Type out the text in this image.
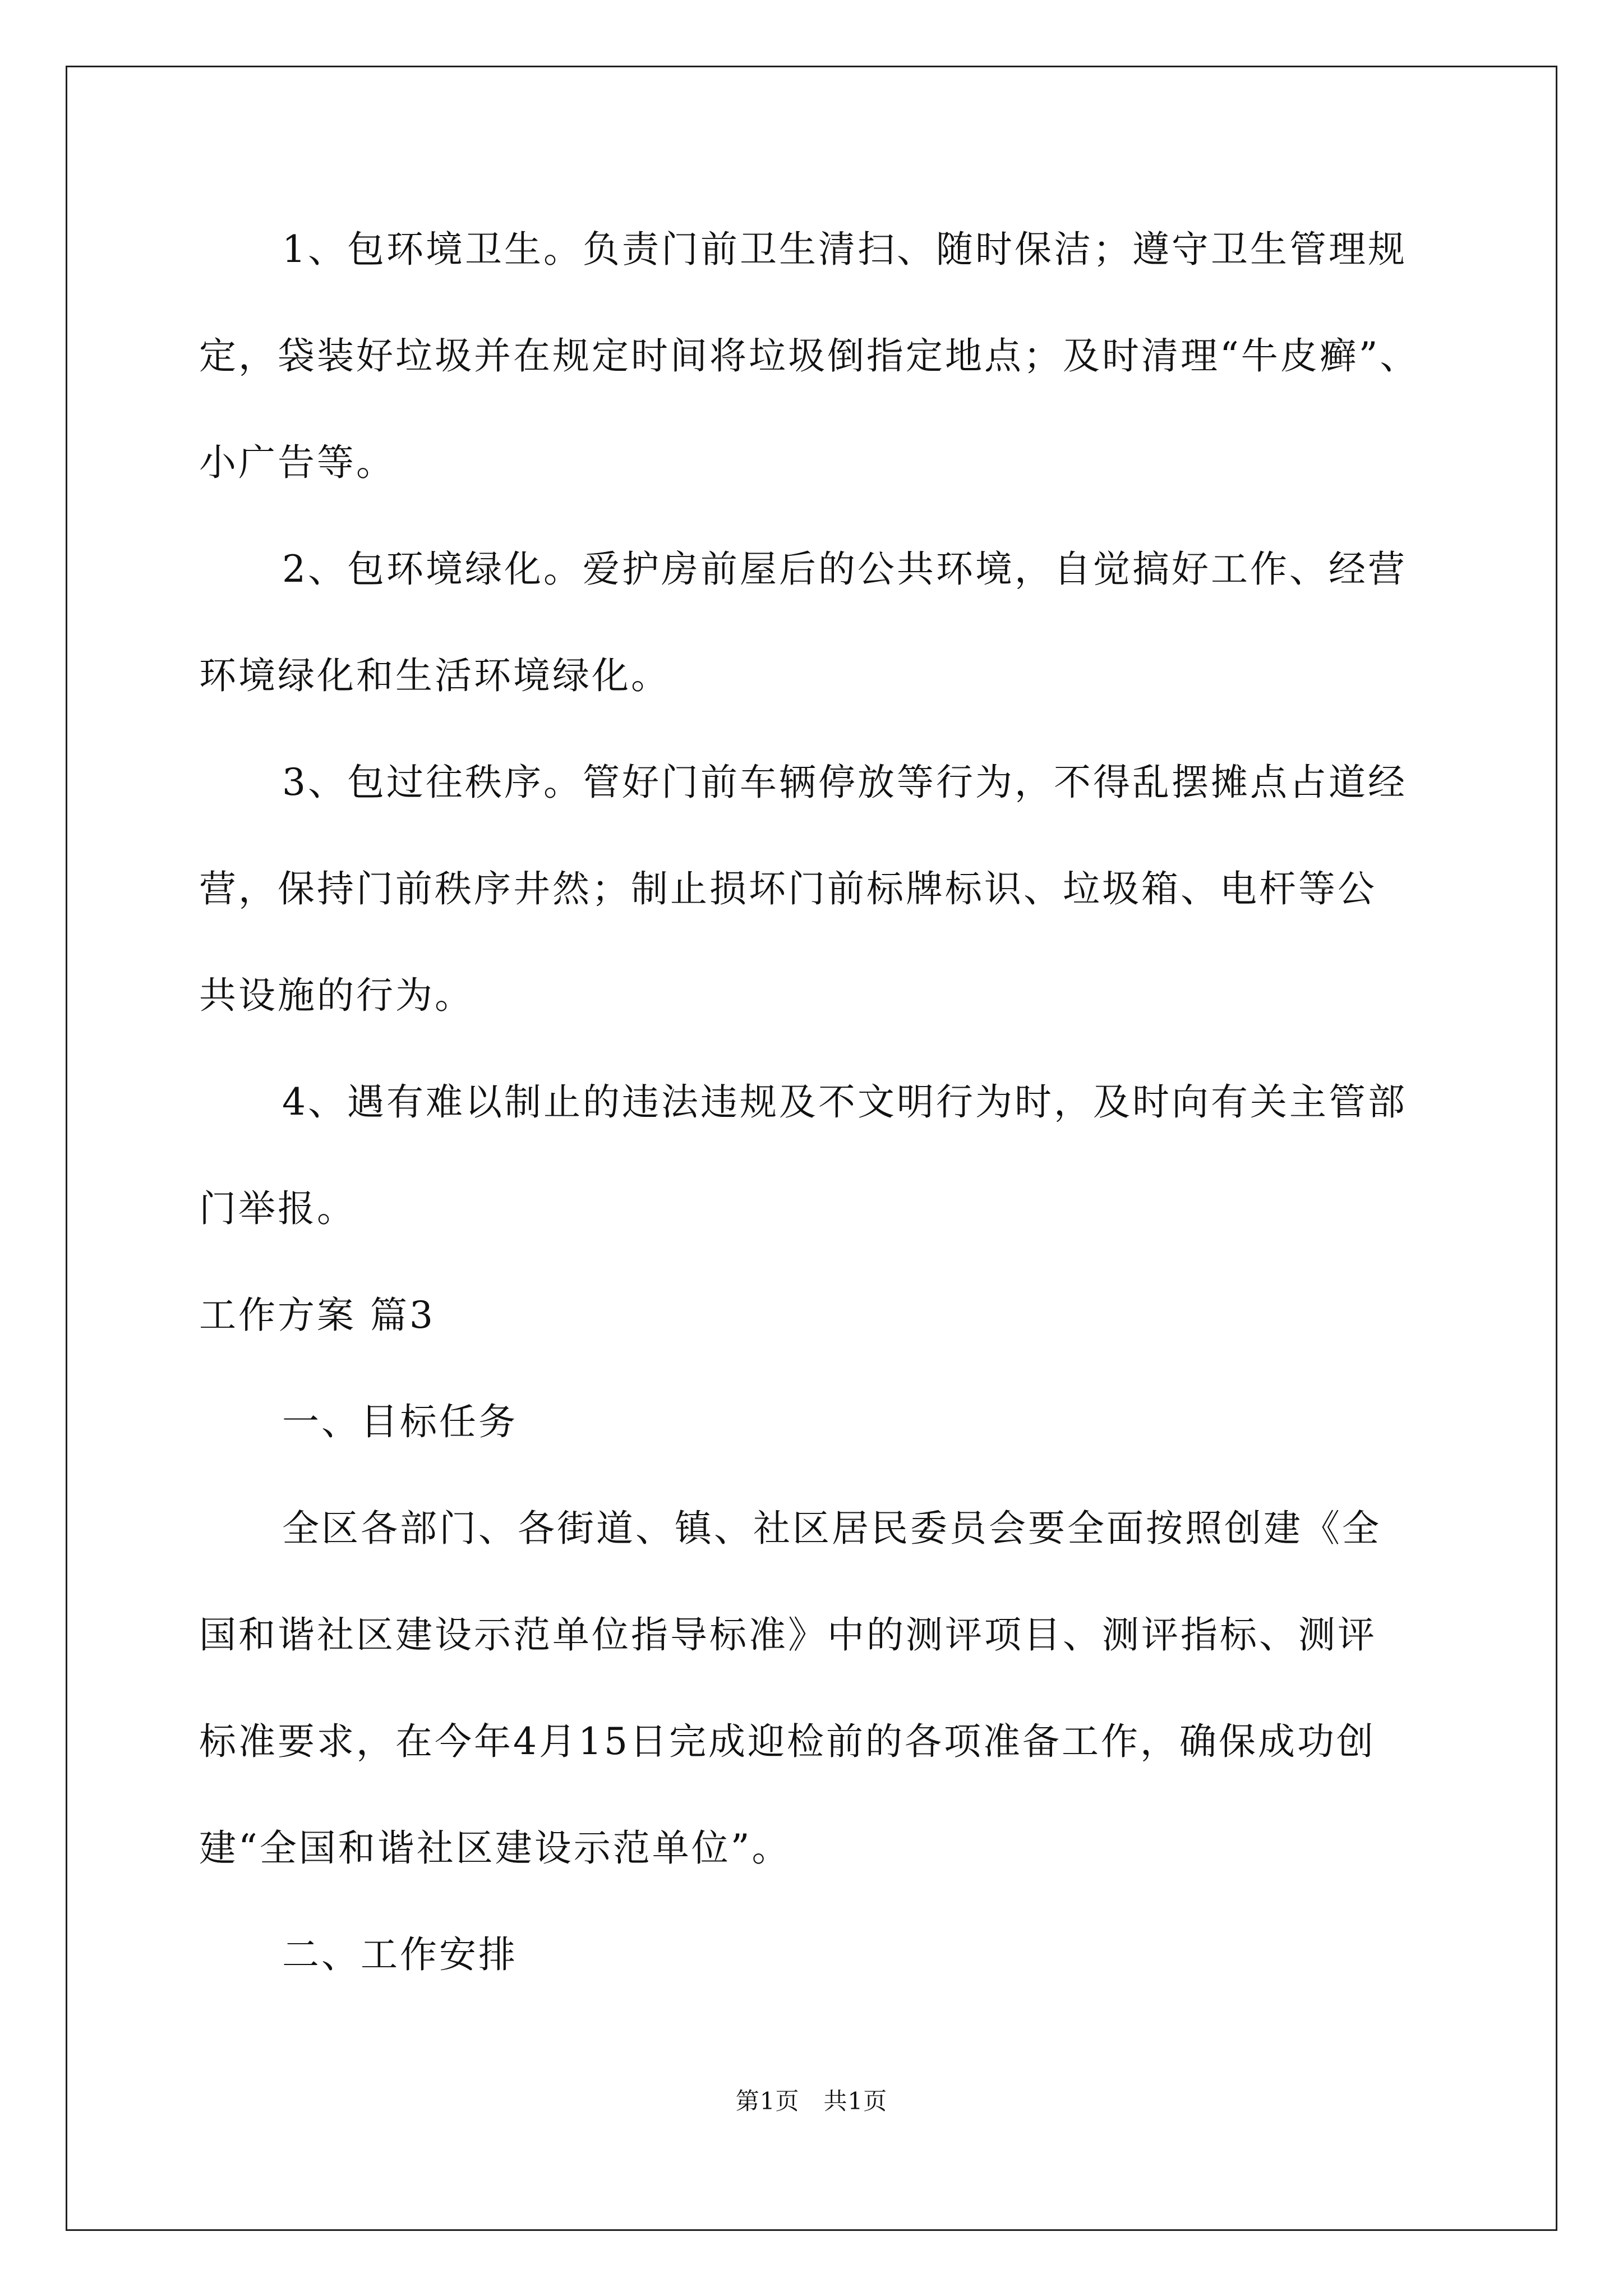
1、包环境卫生。负责门前卫生清扫、随时保洁；遵守卫生管理规
定，袋装好垃圾并在规定时间将垃圾倒指定地点；及时清理“牛皮癣”、
小广告等。
2、包环境绿化。爱护房前屋后的公共环境，自觉搞好工作、经营
环境绿化和生活环境绿化。
3、包过往秩序。管好门前车辆停放等行为，不得乱摆摊点占道经
营，保持门前秩序井然；制止损坏门前标牌标识、垃圾箱、电杆等公
共设施的行为。
4、遇有难以制止的违法违规及不文明行为时，及时向有关主管部
门举报。
工作方案 篇3
一、目标任务
全区各部门、各街道、镇、社区居民委员会要全面按照创建《全
国和谐社区建设示范单位指导标准》中的测评项目、测评指标、测评
标准要求，在今年4月15日完成迎检前的各项准备工作，确保成功创
建“全国和谐社区建设示范单位”。
二、工作安排
第1页　共1页
